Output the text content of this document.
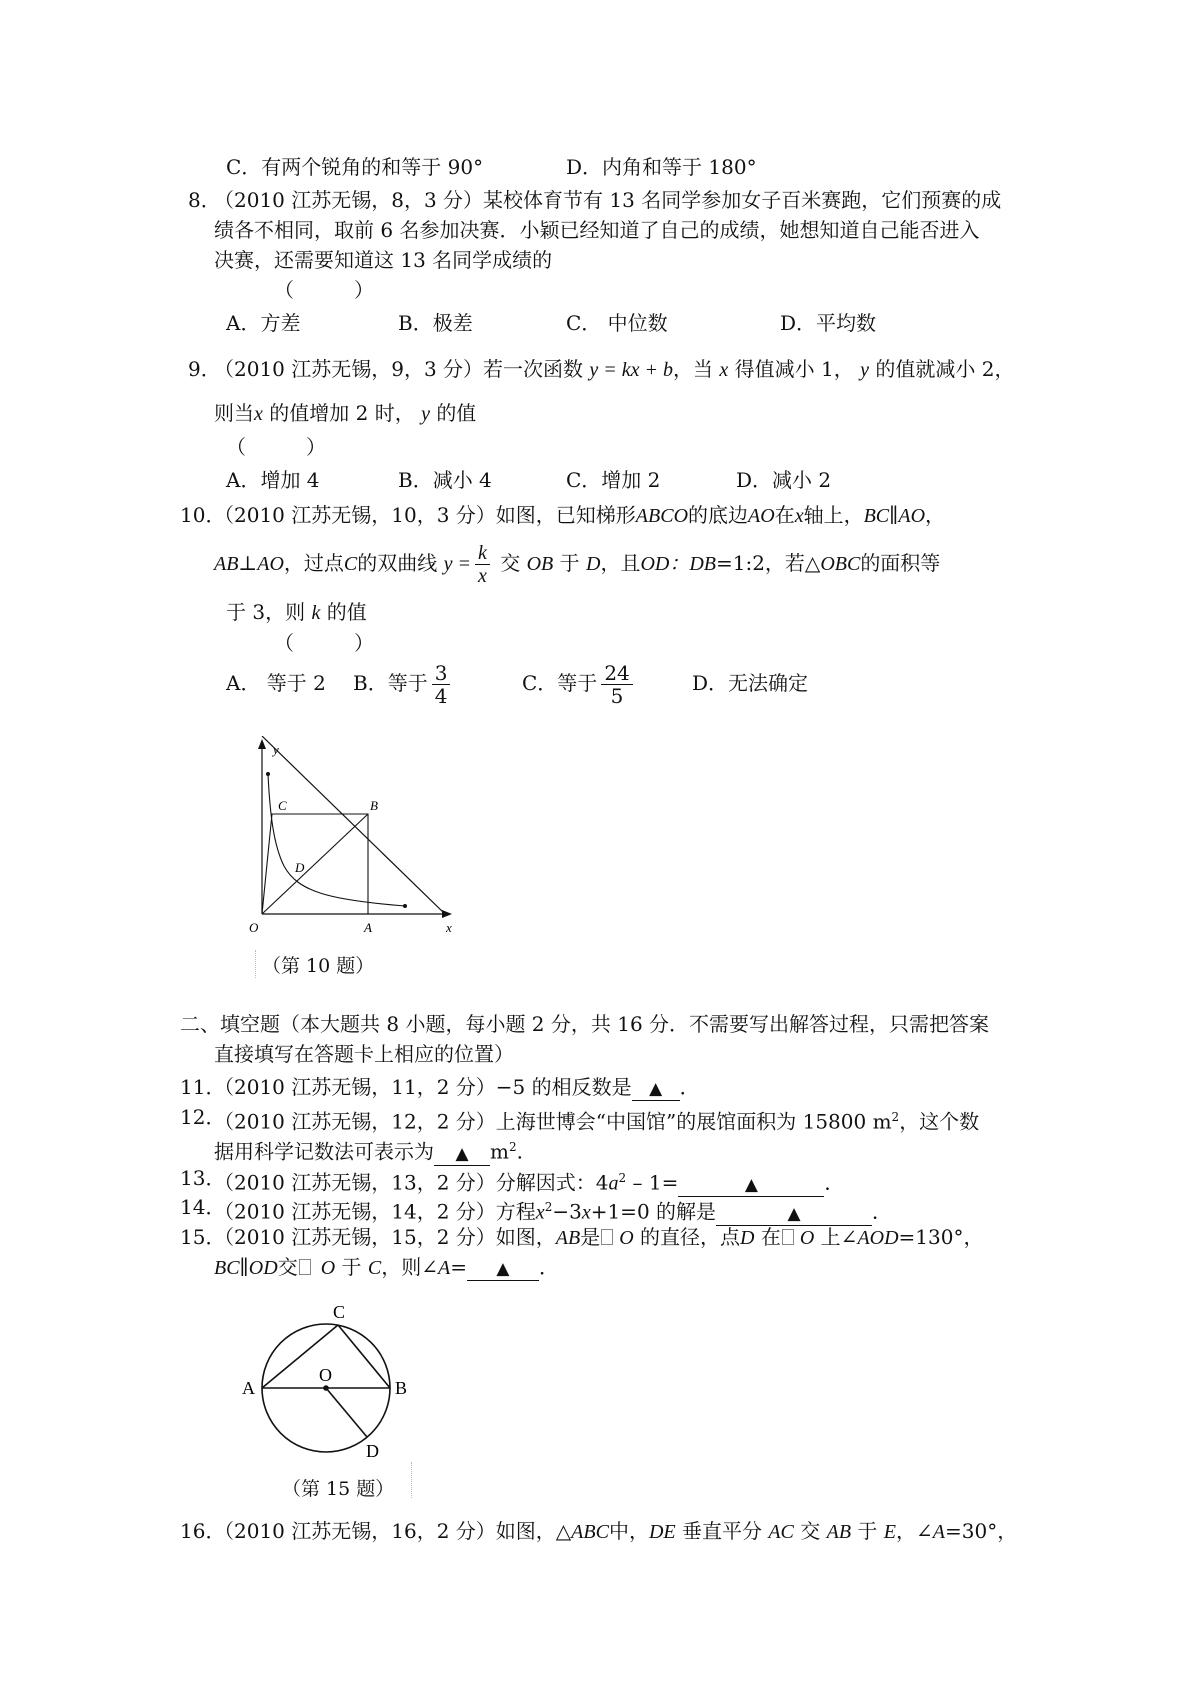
C．有两个锐角的和等于 90°	D．内角和等于 180°
8．
（2010 江苏无锡，8，3 分）某校体育节有 13 名同学参加女子百米赛跑，它们预赛的成
绩各不相同，取前 6 名参加决赛．小颖已经知道了自己的成绩，她想知道自己能否进入
决赛，还需要知道这 13 名同学成绩的
（　　　）
A．方差	B．极差	C． 中位数	D．平均数
9．
（2010 江苏无锡，9，3 分）若一次函数 y = kx + b，当 x 得值减小 1， y 的值就减小 2，
则当x 的值增加 2 时， y 的值
（　　　）
A．增加 4	B．减小 4	C．增加 2	D．减小 2
10．
（2010 江苏无锡，10，3 分）如图，已知梯形ABCO的底边AO在x轴上，BC∥AO，
AB⊥AO，过点C的双曲线 $y = \frac{k}{x}$ 交 OB 于 D，且OD：DB=1:2，若△OBC的面积等
于 3，则 k 的值
（　　　）
A． 等于 2 B．等于 $\frac{3}{4}$	C．等于 $\frac{24}{5}$	D．无法确定
y
x
O	A
B
C
D
（第 10 题）
二、填空题（本大题共 8 小题，每小题 2 分，共 16 分．不需要写出解答过程，只需把答案
直接填写在答题卡上相应的位置）
11．
（2010 江苏无锡，11，2 分）−5 的相反数是 ▲ ．
12．
（2010 江苏无锡，12，2 分）上海世博会“中国馆”的展馆面积为 15800 $m^2$，这个数
据用科学记数法可表示为 ▲ $m^2$.
13．
（2010 江苏无锡，13，2 分）分解因式：$4a^2 - 1=$	▲	．
14．
（2010 江苏无锡，14，2 分）方程$x^2-3x+1=0$ 的解是	▲	．
15．
（2010 江苏无锡，15，2 分）如图，AB是 O 的直径，点D 在 O 上∠AOD=130°，
BC∥OD交 O 于 C，则∠A= ▲ ．
A	B
C
D
O
（第 15 题）
16．
（2010 江苏无锡，16，2 分）如图，△ABC中，DE 垂直平分 AC 交 AB 于 E，∠A=30°，
